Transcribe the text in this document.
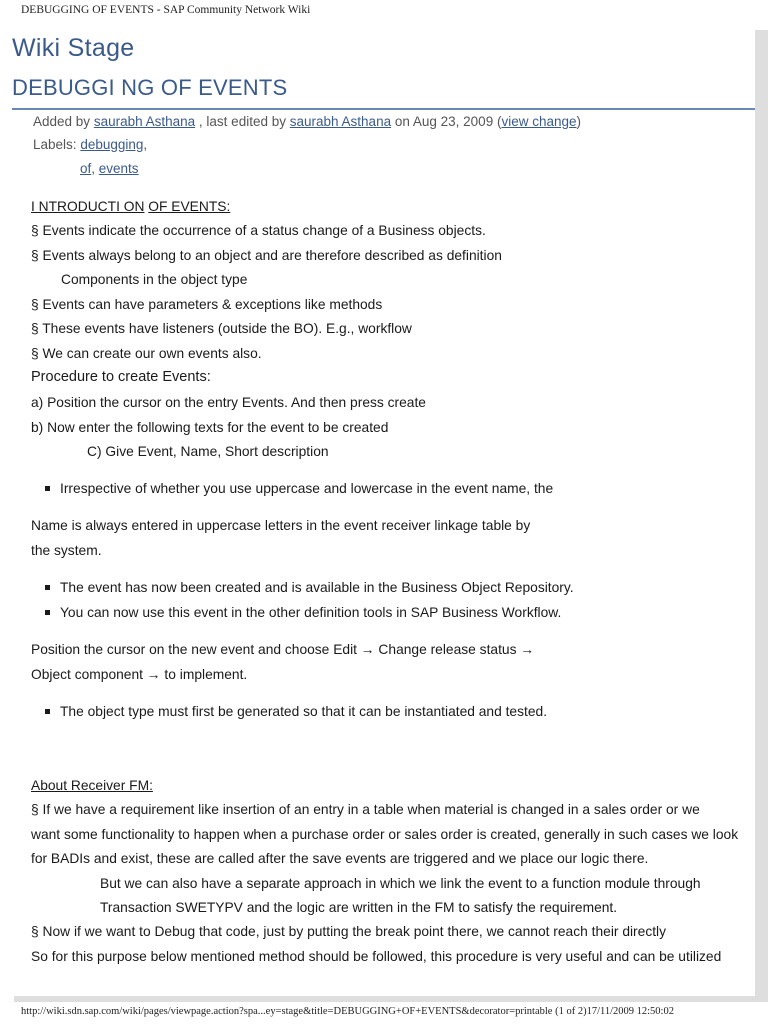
DEBUGGING OF EVENTS - SAP Community Network Wiki
Wiki Stage
DEBUGGI NG OF EVENTS
Added by saurabh Asthana , last edited by saurabh Asthana on Aug 23, 2009 (view change)
Labels: debugging,
of, events
I NTRODUCTI ON OF EVENTS:
§ Events indicate the occurrence of a status change of a Business objects.
§ Events always belong to an object and are therefore described as definition
Components in the object type
§ Events can have parameters & exceptions like methods
§ These events have listeners (outside the BO). E.g., workflow
§ We can create our own events also.
Procedure to create Events:
a) Position the cursor on the entry Events. And then press create
b) Now enter the following texts for the event to be created
C) Give Event, Name, Short description
Irrespective of whether you use uppercase and lowercase in the event name, the
Name is always entered in uppercase letters in the event receiver linkage table by
the system.
The event has now been created and is available in the Business Object Repository.
You can now use this event in the other definition tools in SAP Business Workflow.
Position the cursor on the new event and choose Edit → Change release status →
Object component → to implement.
The object type must first be generated so that it can be instantiated and tested.
About Receiver FM:
§ If we have a requirement like insertion of an entry in a table when material is changed in a sales order or we
want some functionality to happen when a purchase order or sales order is created, generally in such cases we look
for BADIs and exist, these are called after the save events are triggered and we place our logic there.
But we can also have a separate approach in which we link the event to a function module through
Transaction SWETYPV and the logic are written in the FM to satisfy the requirement.
§ Now if we want to Debug that code, just by putting the break point there, we cannot reach their directly
So for this purpose below mentioned method should be followed, this procedure is very useful and can be utilized
http://wiki.sdn.sap.com/wiki/pages/viewpage.action?spa...ey=stage&title=DEBUGGING+OF+EVENTS&decorator=printable (1 of 2)17/11/2009 12:50:02
